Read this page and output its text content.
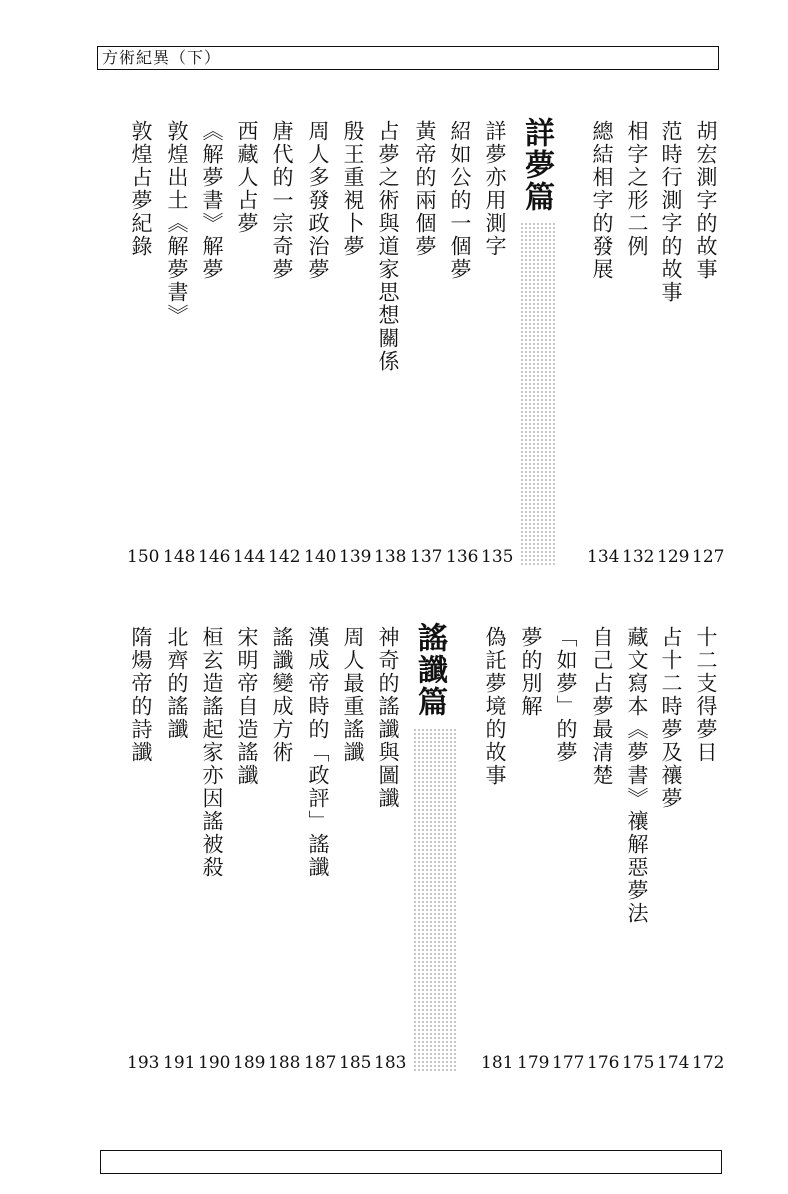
方術紀異（下）
胡宏測字的故事
范時行測字的故事
相字之形二例
總結相字的發展
詳夢篇
詳夢亦用測字
紹如公的一個夢
黃帝的兩個夢
占夢之術與道家思想關係
殷王重視卜夢
周人多發政治夢
唐代的一宗奇夢
西藏人占夢
《解夢書》解夢
敦煌出土《解夢書》
敦煌占夢紀錄
127
129
132
134
135
136
137
138
139
140
142
144
146
148
150
十二支得夢日
占十二時夢及禳夢
藏文寫本《夢書》禳解惡夢法
自己占夢最清楚
「如夢」的夢
夢的別解
偽託夢境的故事
謠讖篇
神奇的謠讖與圖讖
周人最重謠讖
漢成帝時的「政評」謠讖
謠讖變成方術
宋明帝自造謠讖
桓玄造謠起家亦因謠被殺
北齊的謠讖
隋煬帝的詩讖
172
174
175
176
177
179
181
183
185
187
188
189
190
191
193
